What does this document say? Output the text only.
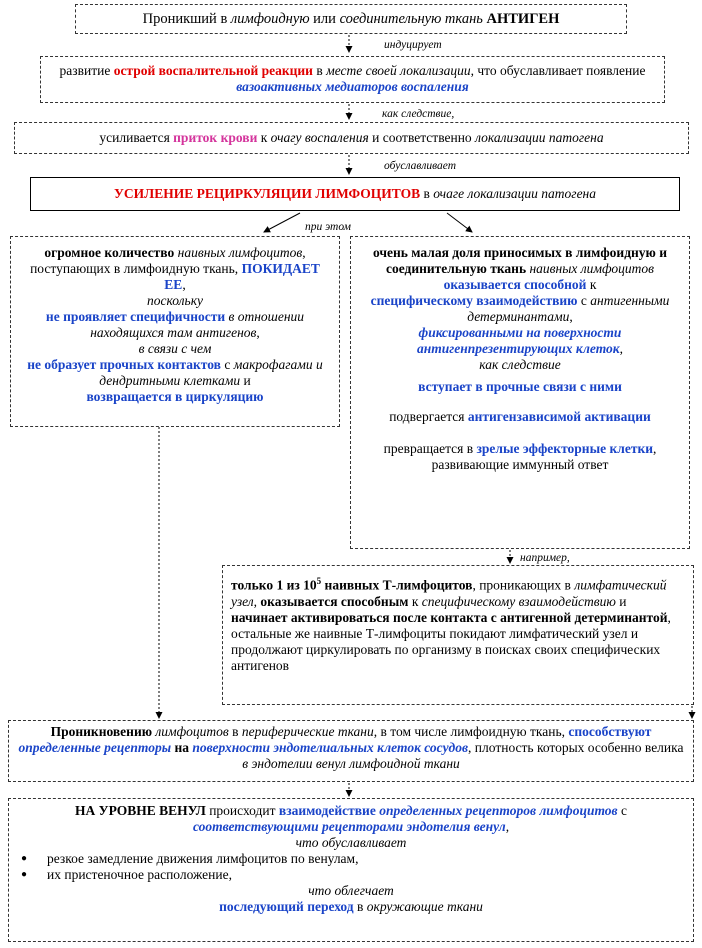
Проникший в лимфоидную или соединительную ткань АНТИГЕН
индуцирует
развитие острой воспалительной реакции в месте своей локализации, что обуславливает появление вазоактивных медиаторов воспаления
как следствие,
усиливается приток крови к очагу воспаления и соответственно локализации патогена
обуславливает
УСИЛЕНИЕ РЕЦИРКУЛЯЦИИ ЛИМФОЦИТОВ в очаге локализации патогена
при этом
огромное количество наивных лимфоцитов, поступающих в лимфоидную ткань, ПОКИДАЕТ ЕЕ,
поскольку
не проявляет специфичности в отношении находящихся там антигенов,
в связи с чем
не образует прочных контактов с макрофагами и дендритными клетками и
возвращается в циркуляцию
очень малая доля приносимых в лимфоидную и соединительную ткань наивных лимфоцитов оказывается способной к
специфическому взаимодействию с антигенными детерминантами,
фиксированными на поверхности антигенпрезентирующих клеток,
как следствие

вступает в прочные связи с ними

подвергается антигензависимой активации

превращается в зрелые эффекторные клетки, развивающие иммунный ответ
например,
только 1 из $10^5$ наивных Т-лимфоцитов, проникающих в лимфатический узел, оказывается способным к специфическому взаимодействию и начинает активироваться после контакта с антигенной детерминантой, остальные же наивные Т-лимфоциты покидают лимфатический узел и продолжают циркулировать по организму в поисках своих специфических антигенов
Проникновению лимфоцитов в периферические ткани, в том числе лимфоидную ткань, способствуют определенные рецепторы на поверхности эндотелиальных клеток сосудов, плотность которых особенно велика в эндотелии венул лимфоидной ткани
НА УРОВНЕ ВЕНУЛ происходит взаимодействие определенных рецепторов лимфоцитов с соответствующими рецепторами эндотелия венул,
что обуславливает
● резкое замедление движения лимфоцитов по венулам,
● их пристеночное расположение,
что облегчает
последующий переход в окружающие ткани
